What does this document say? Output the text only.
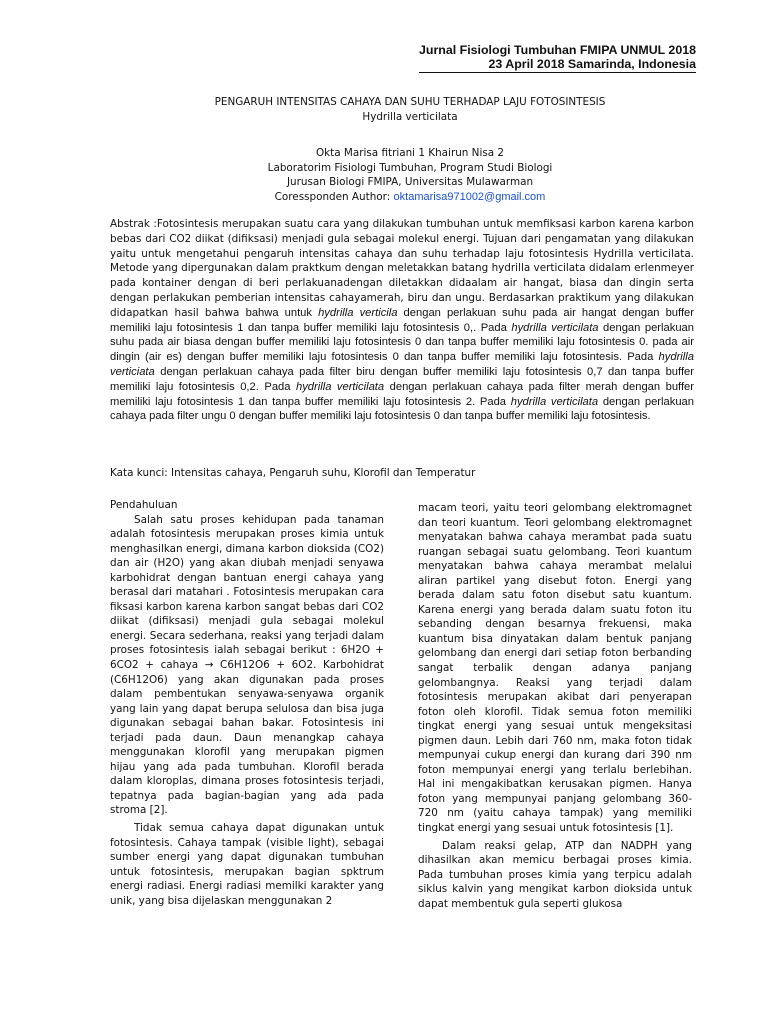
Jurnal Fisiologi Tumbuhan FMIPA UNMUL 2018

23 April 2018 Samarinda, Indonesia
PENGARUH INTENSITAS CAHAYA DAN SUHU TERHADAP LAJU FOTOSINTESIS
Hydrilla verticilata
Okta Marisa fitriani 1 Khairun Nisa 2
Laboratorim Fisiologi Tumbuhan, Program Studi Biologi
Jurusan Biologi FMIPA, Universitas Mulawarman
Coressponden Author: oktamarisa971002@gmail.com
Abstrak :Fotosintesis merupakan suatu cara yang dilakukan tumbuhan untuk memfiksasi karbon karena karbon bebas dari CO2 diikat (difiksasi) menjadi gula sebagai molekul energi. Tujuan dari pengamatan yang dilakukan yaitu untuk mengetahui pengaruh intensitas cahaya dan suhu terhadap laju fotosintesis Hydrilla verticilata. Metode yang dipergunakan dalam praktkum dengan meletakkan batang hydrilla verticilata didalam erlenmeyer pada kontainer dengan di beri perlakuanadengan diletakkan didaalam air hangat, biasa dan dingin serta dengan perlakukan pemberian intensitas cahayamerah, biru dan ungu. Berdasarkan praktikum yang dilakukan didapatkan hasil bahwa bahwa untuk hydrilla verticila dengan perlakuan suhu pada air hangat dengan buffer memiliki laju fotosintesis 1 dan tanpa buffer memiliki laju fotosintesis 0,. Pada hydrilla verticilata dengan perlakuan suhu pada air biasa dengan buffer memiliki laju fotosintesis 0 dan tanpa buffer memiliki laju fotosintesis 0. pada air dingin (air es) dengan buffer memiliki laju fotosintesis 0 dan tanpa buffer memiliki laju fotosintesis. Pada hydrilla verticiata dengan perlakuan cahaya pada filter biru dengan buffer memiliki laju fotosintesis 0,7 dan tanpa buffer memiliki laju fotosintesis 0,2. Pada hydrilla verticilata dengan perlakuan cahaya pada filter merah dengan buffer memiliki laju fotosintesis 1 dan tanpa buffer memiliki laju fotosintesis 2. Pada hydrilla verticilata dengan perlakuan cahaya pada filter ungu 0 dengan buffer memiliki laju fotosintesis 0 dan tanpa buffer memiliki laju fotosintesis.
Kata kunci: Intensitas cahaya, Pengaruh suhu, Klorofil dan Temperatur

Pendahuluan

Salah satu proses kehidupan pada tanaman adalah fotosintesis merupakan proses kimia untuk menghasilkan energi, dimana karbon dioksida (CO2) dan air (H2O) yang akan diubah menjadi senyawa karbohidrat dengan bantuan energi cahaya yang berasal dari matahari . Fotosintesis merupakan cara fiksasi karbon karena karbon sangat bebas dari CO2 diikat (difiksasi) menjadi gula sebagai molekul energi. Secara sederhana, reaksi yang terjadi dalam proses fotosintesis ialah sebagai berikut : 6H2O + 6CO2 + cahaya → C6H12O6 + 6O2. Karbohidrat (C6H12O6) yang akan digunakan pada proses dalam pembentukan senyawa-senyawa organik yang lain yang dapat berupa selulosa dan bisa juga digunakan sebagai bahan bakar. Fotosintesis ini terjadi pada daun. Daun menangkap cahaya menggunakan klorofil yang merupakan pigmen hijau yang ada pada tumbuhan. Klorofil berada dalam kloroplas, dimana proses fotosintesis terjadi, tepatnya pada bagian-bagian yang ada pada stroma [2].

Tidak semua cahaya dapat digunakan untuk fotosintesis. Cahaya tampak (visible light), sebagai sumber energi yang dapat digunakan tumbuhan untuk fotosintesis, merupakan bagian spktrum energi radiasi. Energi radiasi memilki karakter yang unik, yang bisa dijelaskan menggunakan 2

macam teori, yaitu teori gelombang elektromagnet dan teori kuantum. Teori gelombang elektromagnet menyatakan bahwa cahaya merambat pada suatu ruangan sebagai suatu gelombang. Teori kuantum menyatakan bahwa cahaya merambat melalui aliran partikel yang disebut foton. Energi yang berada dalam satu foton disebut satu kuantum. Karena energi yang berada dalam suatu foton itu sebanding dengan besarnya frekuensi, maka kuantum bisa dinyatakan dalam bentuk panjang gelombang dan energi dari setiap foton berbanding sangat terbalik dengan adanya panjang gelombangnya. Reaksi yang terjadi dalam fotosintesis merupakan akibat dari penyerapan foton oleh klorofil. Tidak semua foton memiliki tingkat energi yang sesuai untuk mengeksitasi pigmen daun. Lebih dari 760 nm, maka foton tidak mempunyai cukup energi dan kurang dari 390 nm foton mempunyai energi yang terlalu berlebihan. Hal ini mengakibatkan kerusakan pigmen. Hanya foton yang mempunyai panjang gelombang 360-720 nm (yaitu cahaya tampak) yang memiliki tingkat energi yang sesuai untuk fotosintesis [1].

Dalam reaksi gelap, ATP dan NADPH yang dihasilkan akan memicu berbagai proses kimia. Pada tumbuhan proses kimia yang terpicu adalah siklus kalvin yang mengikat karbon dioksida untuk dapat membentuk gula seperti glukosa
